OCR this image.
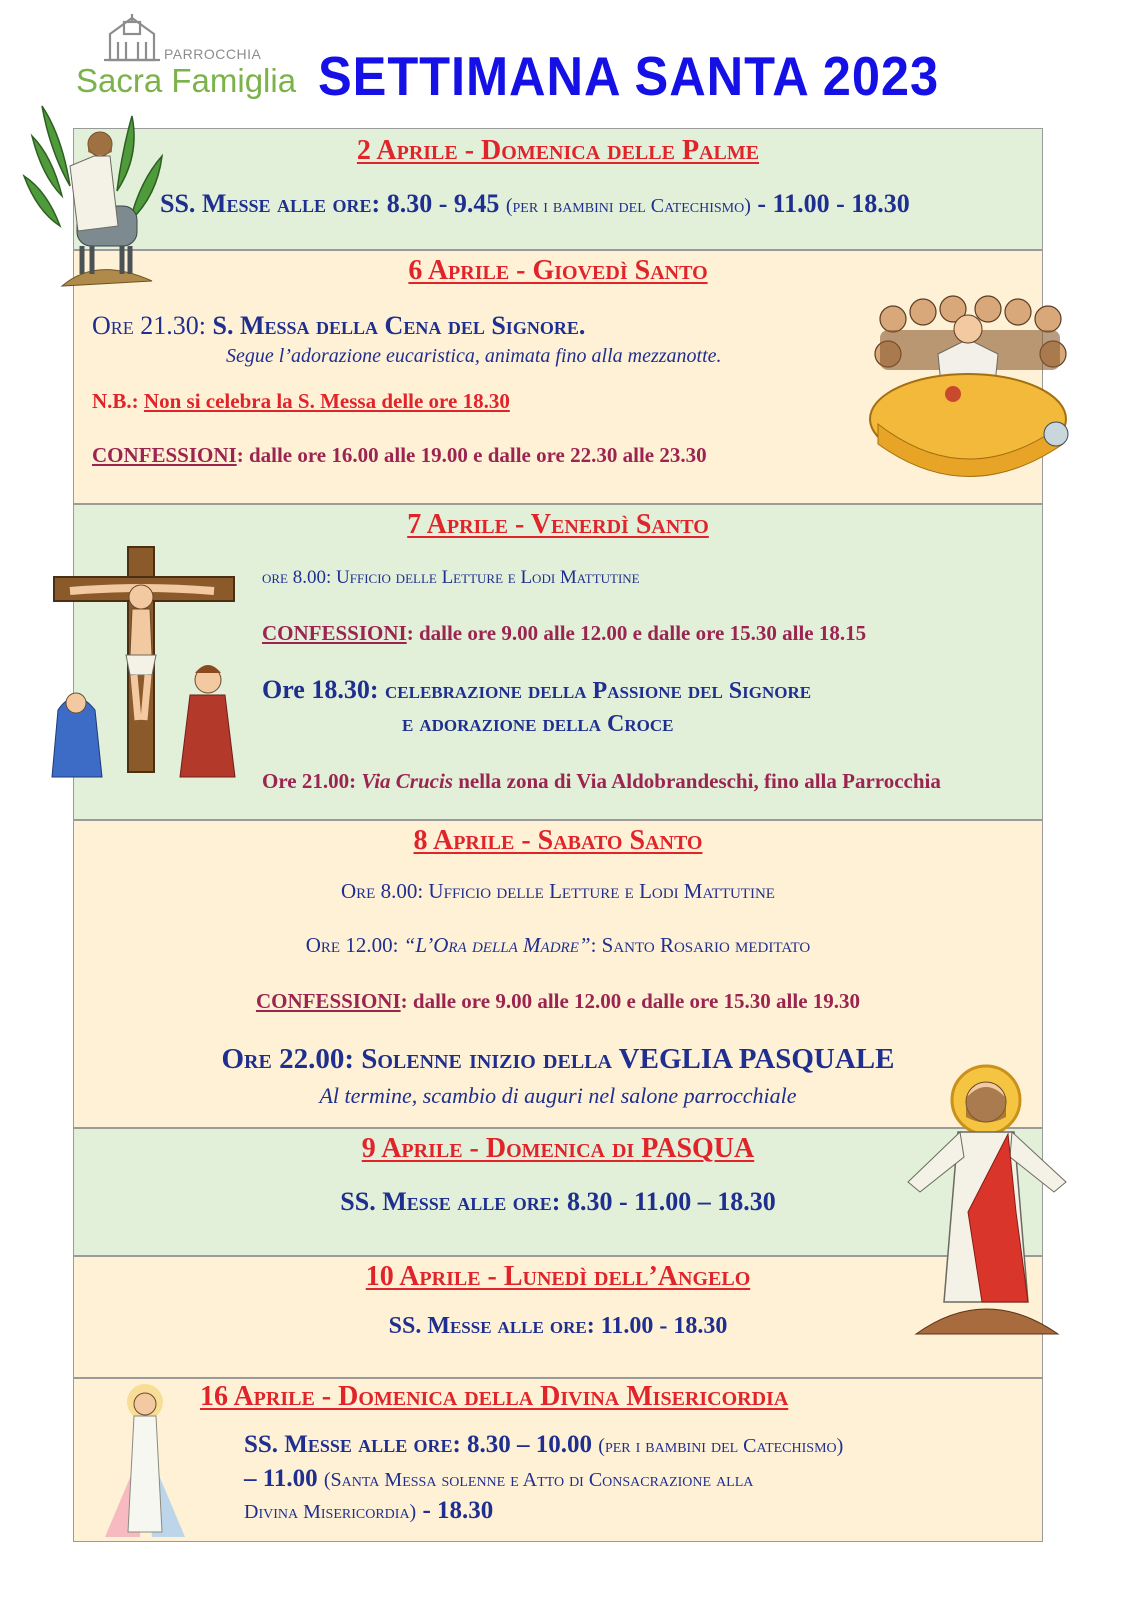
PARROCCHIA
Sacra Famiglia SETTIMANA SANTA 2023
2 Aprile - Domenica delle Palme
SS. Messe alle ore: 8.30 - 9.45 (per i bambini del Catechismo) - 11.00 - 18.30
6 Aprile - Giovedì Santo
Ore 21.30: S. Messa della Cena del Signore.
Segue l’adorazione eucaristica, animata fino alla mezzanotte.
N.B.: Non si celebra la S. Messa delle ore 18.30
CONFESSIONI: dalle ore 16.00 alle 19.00 e dalle ore 22.30 alle 23.30
7 Aprile - Venerdì Santo
ore 8.00: Ufficio delle Letture e Lodi Mattutine
CONFESSIONI: dalle ore 9.00 alle 12.00 e dalle ore 15.30 alle 18.15
Ore 18.30: celebrazione della Passione del Signore
e adorazione della Croce
Ore 21.00: Via Crucis nella zona di Via Aldobrandeschi, fino alla Parrocchia
8 Aprile - Sabato Santo
Ore 8.00: Ufficio delle Letture e Lodi Mattutine
Ore 12.00: “L’Ora della Madre”: Santo Rosario meditato
CONFESSIONI: dalle ore 9.00 alle 12.00 e dalle ore 15.30 alle 19.30
Ore 22.00: Solenne inizio della VEGLIA PASQUALE
Al termine, scambio di auguri nel salone parrocchiale
9 Aprile - Domenica di PASQUA
SS. Messe alle ore: 8.30 - 11.00 – 18.30
10 Aprile - Lunedì dell’Angelo
SS. Messe alle ore: 11.00 - 18.30
16 Aprile - Domenica della Divina Misericordia
SS. Messe alle ore: 8.30 – 10.00 (per i bambini del Catechismo)
– 11.00 (Santa Messa solenne e Atto di Consacrazione alla
Divina Misericordia) - 18.30
